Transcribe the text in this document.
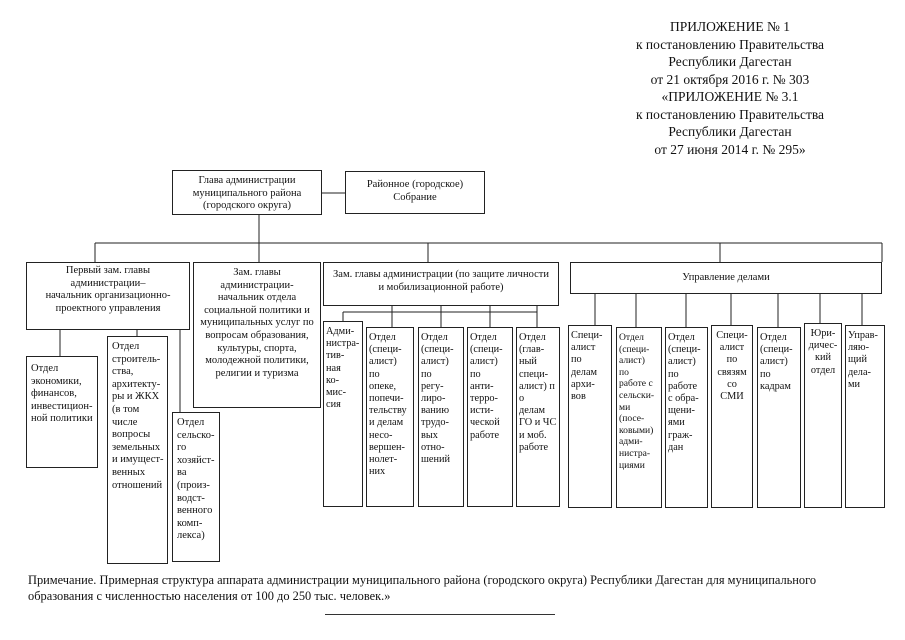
ПРИЛОЖЕНИЕ № 1
к постановлению Правительства
Республики Дагестан
от 21 октября 2016 г. № 303
«ПРИЛОЖЕНИЕ № 3.1
к постановлению Правительства
Республики Дагестан
от 27 июня 2014 г. № 295»
Глава администрации
муниципального района
(городского округа)
Районное (городское)
Собрание
Первый зам. главы
администрации–
начальник организационно-
проектного управления
Зам. главы
администрации-
начальник отдела
социальной политики и
муниципальных услуг по
вопросам образования,
культуры, спорта,
молодежной политики,
религии и туризма
Зам. главы администрации (по защите личности
и мобилизационной работе)
Управление делами
Отдел
экономики,
финансов,
инвестицион-
ной политики
Отдел
строитель-
ства,
архитекту-
ры и ЖКХ
(в том
числе
вопросы
земельных
и имущест-
венных
отношений
Отдел
сельско-
го
хозяйст-
ва
(произ-
водст-
венного
комп-
лекса)
Адми-
нистра-
тив-
ная
ко-
мис-
сия
Отдел
(специ-
алист)
по
опеке,
попечи-
тельству
и делам
несо-
вершен-
нолет-
них
Отдел
(специ-
алист)
по
регу-
лиро-
ванию
трудо-
вых
отно-
шений
Отдел
(специ-
алист)
по
анти-
терро-
исти-
ческой
работе
Отдел
(глав-
ный
специ-
алист) по
делам
ГО и ЧС
и моб.
работе
Специ-
алист
по
делам
архи-
вов
Отдел
(специ-
алист)
по
работе с
сельски-
ми
(посе-
ковыми)
адми-
нистра-
циями
Отдел
(специ-
алист)
по
работе
с обра-
щени-
ями
граж-
дан
Специ-
алист
по
связям
со
СМИ
Отдел
(специ-
алист)
по
кадрам
Юри-
дичес-
кий
отдел
Управ-
ляю-
щий
дела-
ми
Примечание. Примерная структура аппарата администрации муниципального района (городского округа) Республики Дагестан для муниципального образования с численностью населения от 100 до 250 тыс. человек.»
